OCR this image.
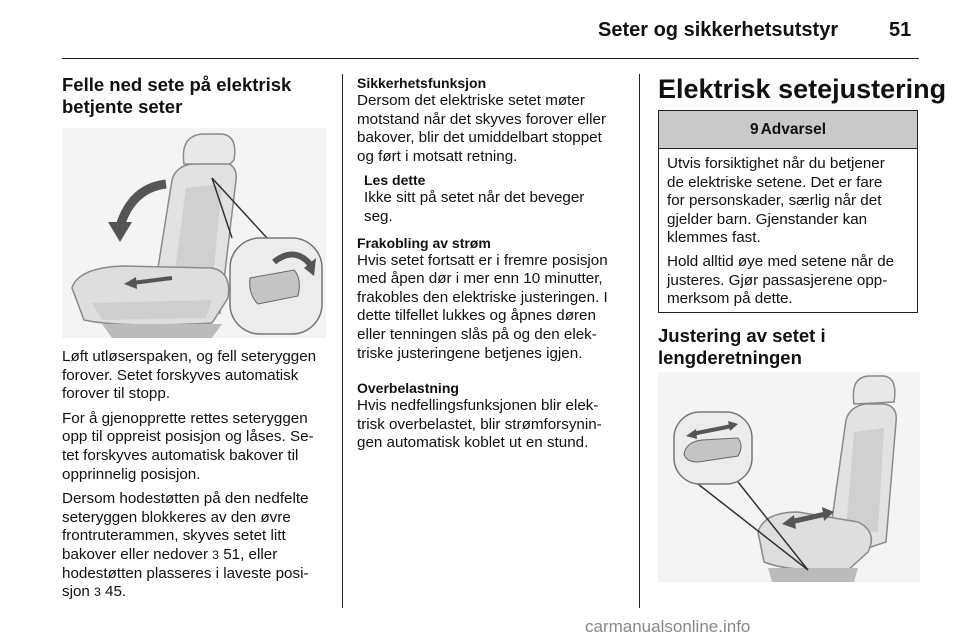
Seter og sikkerhetsutstyr	51
Felle ned sete på elektrisk
betjente seter

Løft utløserspaken, og fell seteryggen
forover. Setet forskyves automatisk
forover til stopp.

For å gjenopprette rettes seteryggen
opp til oppreist posisjon og låses. Se-
tet forskyves automatisk bakover til
opprinnelig posisjon.

Dersom hodestøtten på den nedfelte
seteryggen blokkeres av den øvre
frontruterammen, skyves setet litt
bakover eller nedover 3 51, eller
hodestøtten plasseres i laveste posi-
sjon 3 45.

Sikkerhetsfunksjon

Dersom det elektriske setet møter
motstand når det skyves forover eller
bakover, blir det umiddelbart stoppet
og ført i motsatt retning.

Les dette

Ikke sitt på setet når det beveger
seg.

Frakobling av strøm

Hvis setet fortsatt er i fremre posisjon
med åpen dør i mer enn 10 minutter,
frakobles den elektriske justeringen. I
dette tilfellet lukkes og åpnes døren
eller tenningen slås på og den elek-
triske justeringene betjenes igjen.

Overbelastning

Hvis nedfellingsfunksjonen blir elek-
trisk overbelastet, blir strømforsynin-
gen automatisk koblet ut en stund.

Elektrisk setejustering
9 Advarsel

Utvis forsiktighet når du betjener
de elektriske setene. Det er fare
for personskader, særlig når det
gjelder barn. Gjenstander kan
klemmes fast.

Hold alltid øye med setene når de
justeres. Gjør passasjerene opp-
merksom på dette.

Justering av setet i
lengderetningen
carmanualsonline.info
